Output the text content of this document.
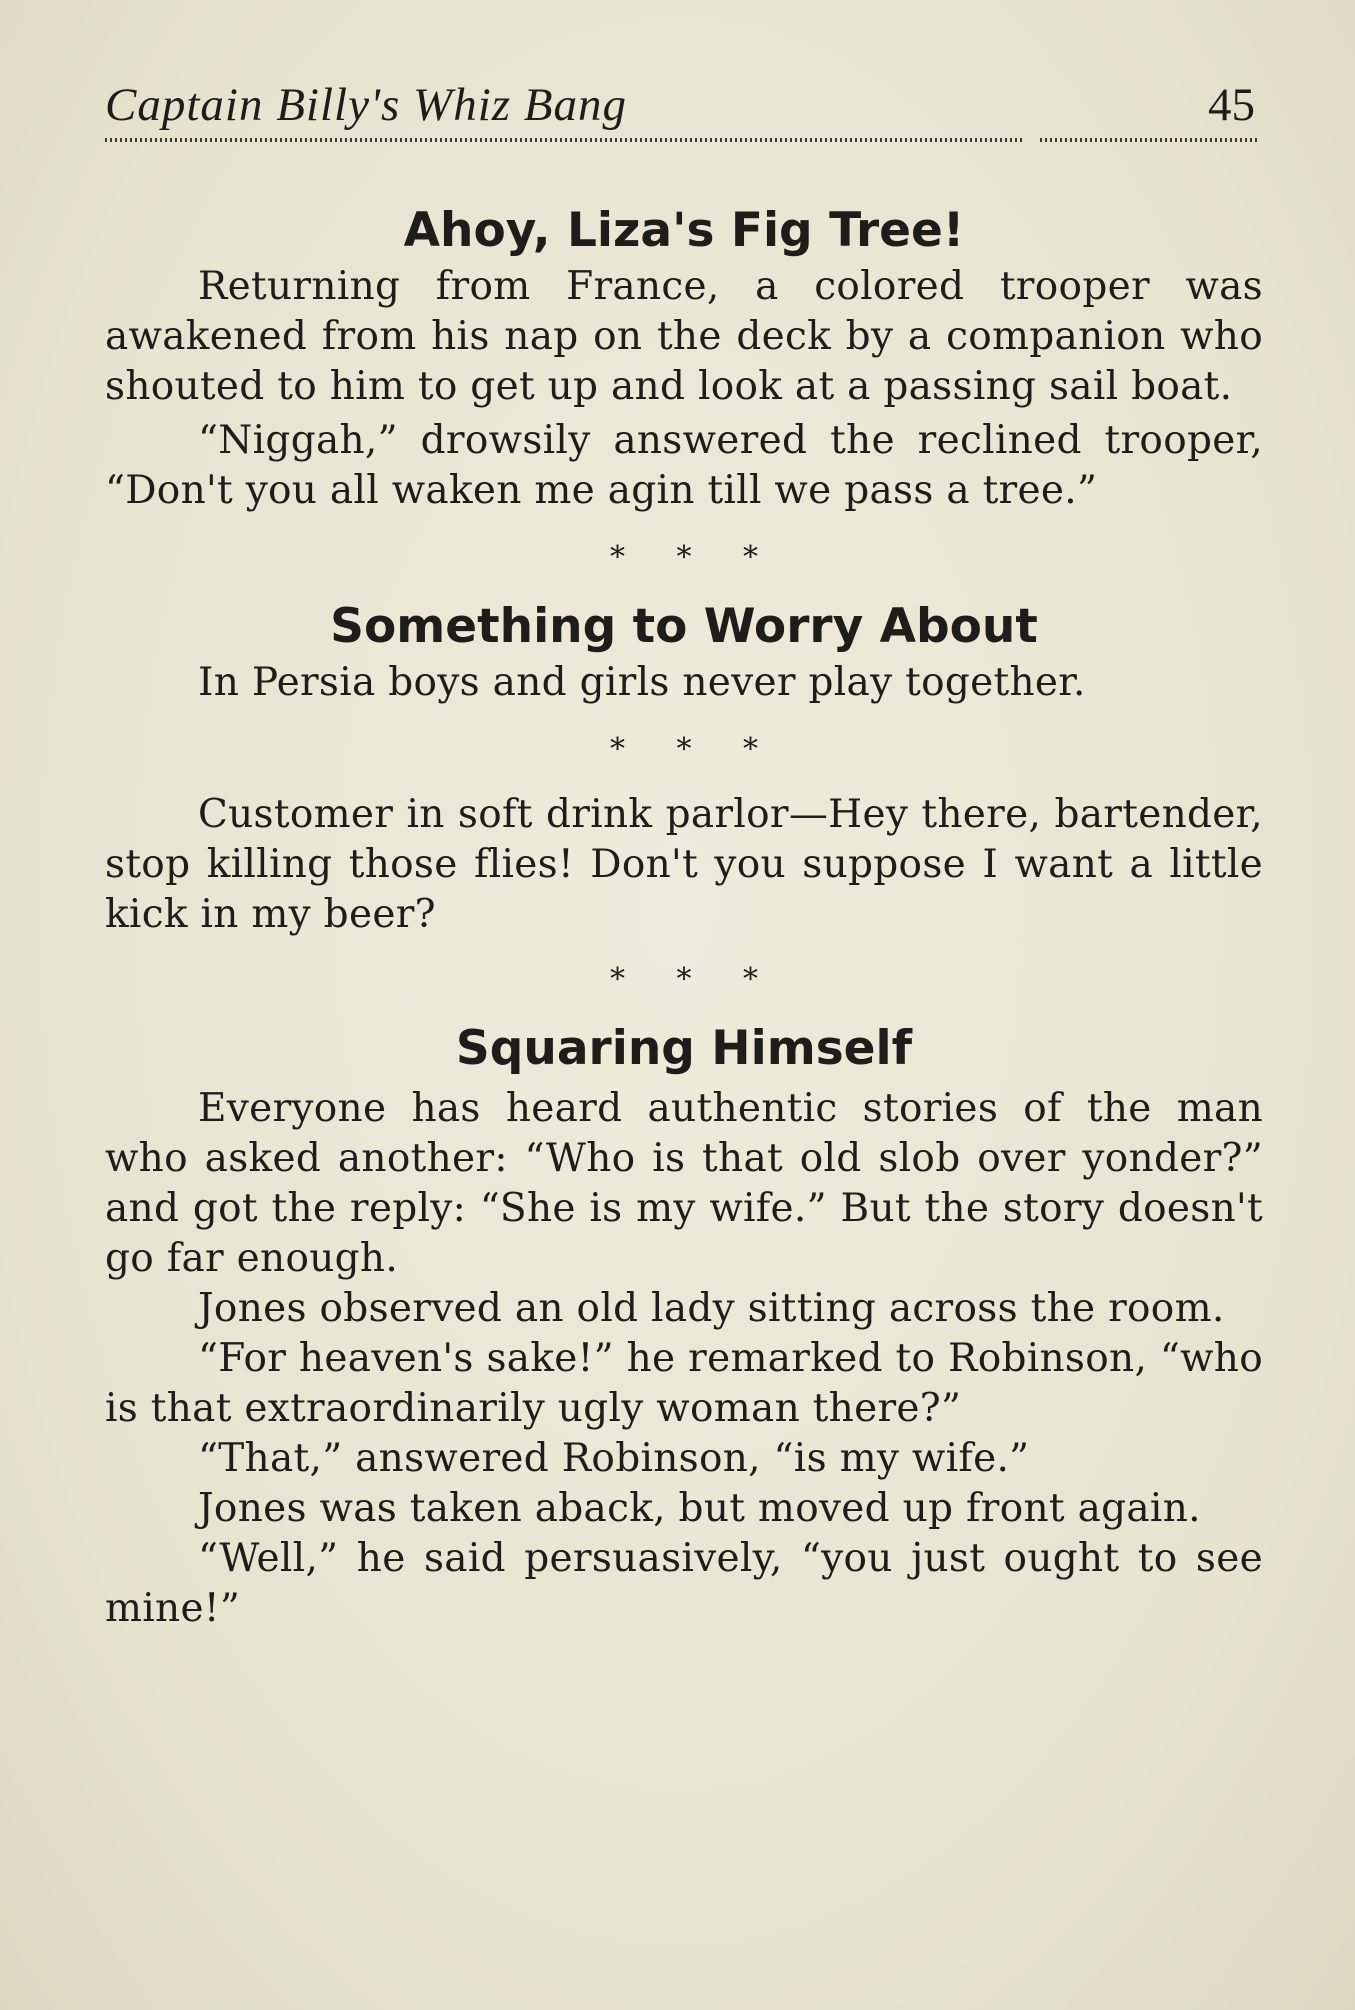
Captain Billy's Whiz Bang	45
Ahoy, Liza's Fig Tree!

Returning from France, a colored trooper was awakened from his nap on the deck by a companion who shouted to him to get up and look at a passing sail boat.

“Niggah,” drowsily answered the reclined trooper, “Don't you all waken me agin till we pass a tree.”

* * *
Something to Worry About

In Persia boys and girls never play together.

* * *

Customer in soft drink parlor—Hey there, bartender, stop killing those flies! Don't you suppose I want a little kick in my beer?

* * *
Squaring Himself

Everyone has heard authentic stories of the man who asked another: “Who is that old slob over yonder?” and got the reply: “She is my wife.” But the story doesn't go far enough.

Jones observed an old lady sitting across the room.

“For heaven's sake!” he remarked to Robinson, “who is that extraordinarily ugly woman there?”

“That,” answered Robinson, “is my wife.”

Jones was taken aback, but moved up front again.

“Well,” he said persuasively, “you just ought to see mine!”
